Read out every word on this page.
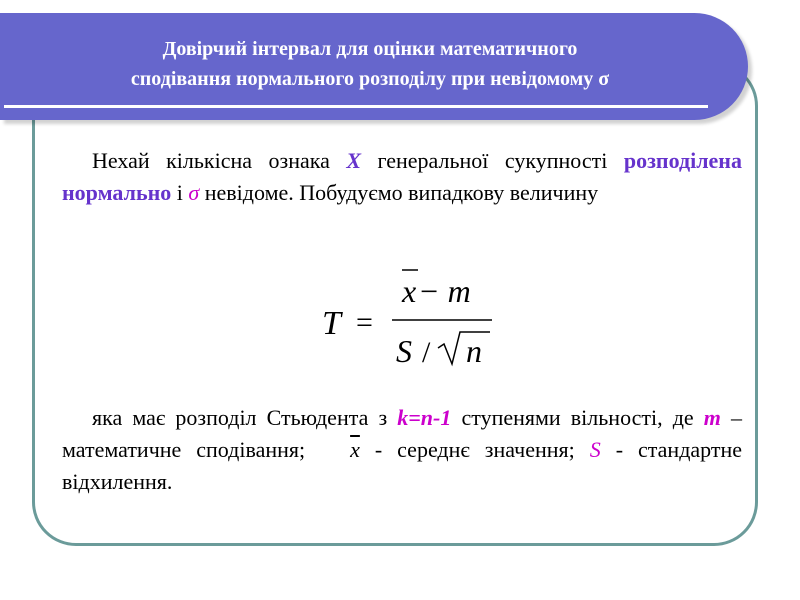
Довірчий інтервал для оцінки математичного
сподівання нормального розподілу при невідомому σ

Нехай кількісна ознака X генеральної сукупності розподілена нормально і σ невідоме. Побудуємо випадкову величину

T =
x − m
S / n

яка має розподіл Стьюдента з k=n-1 ступенями вільності, де m – математичне сподівання; $\overline{x}$ - середнє значення; S - стандартне відхилення.
